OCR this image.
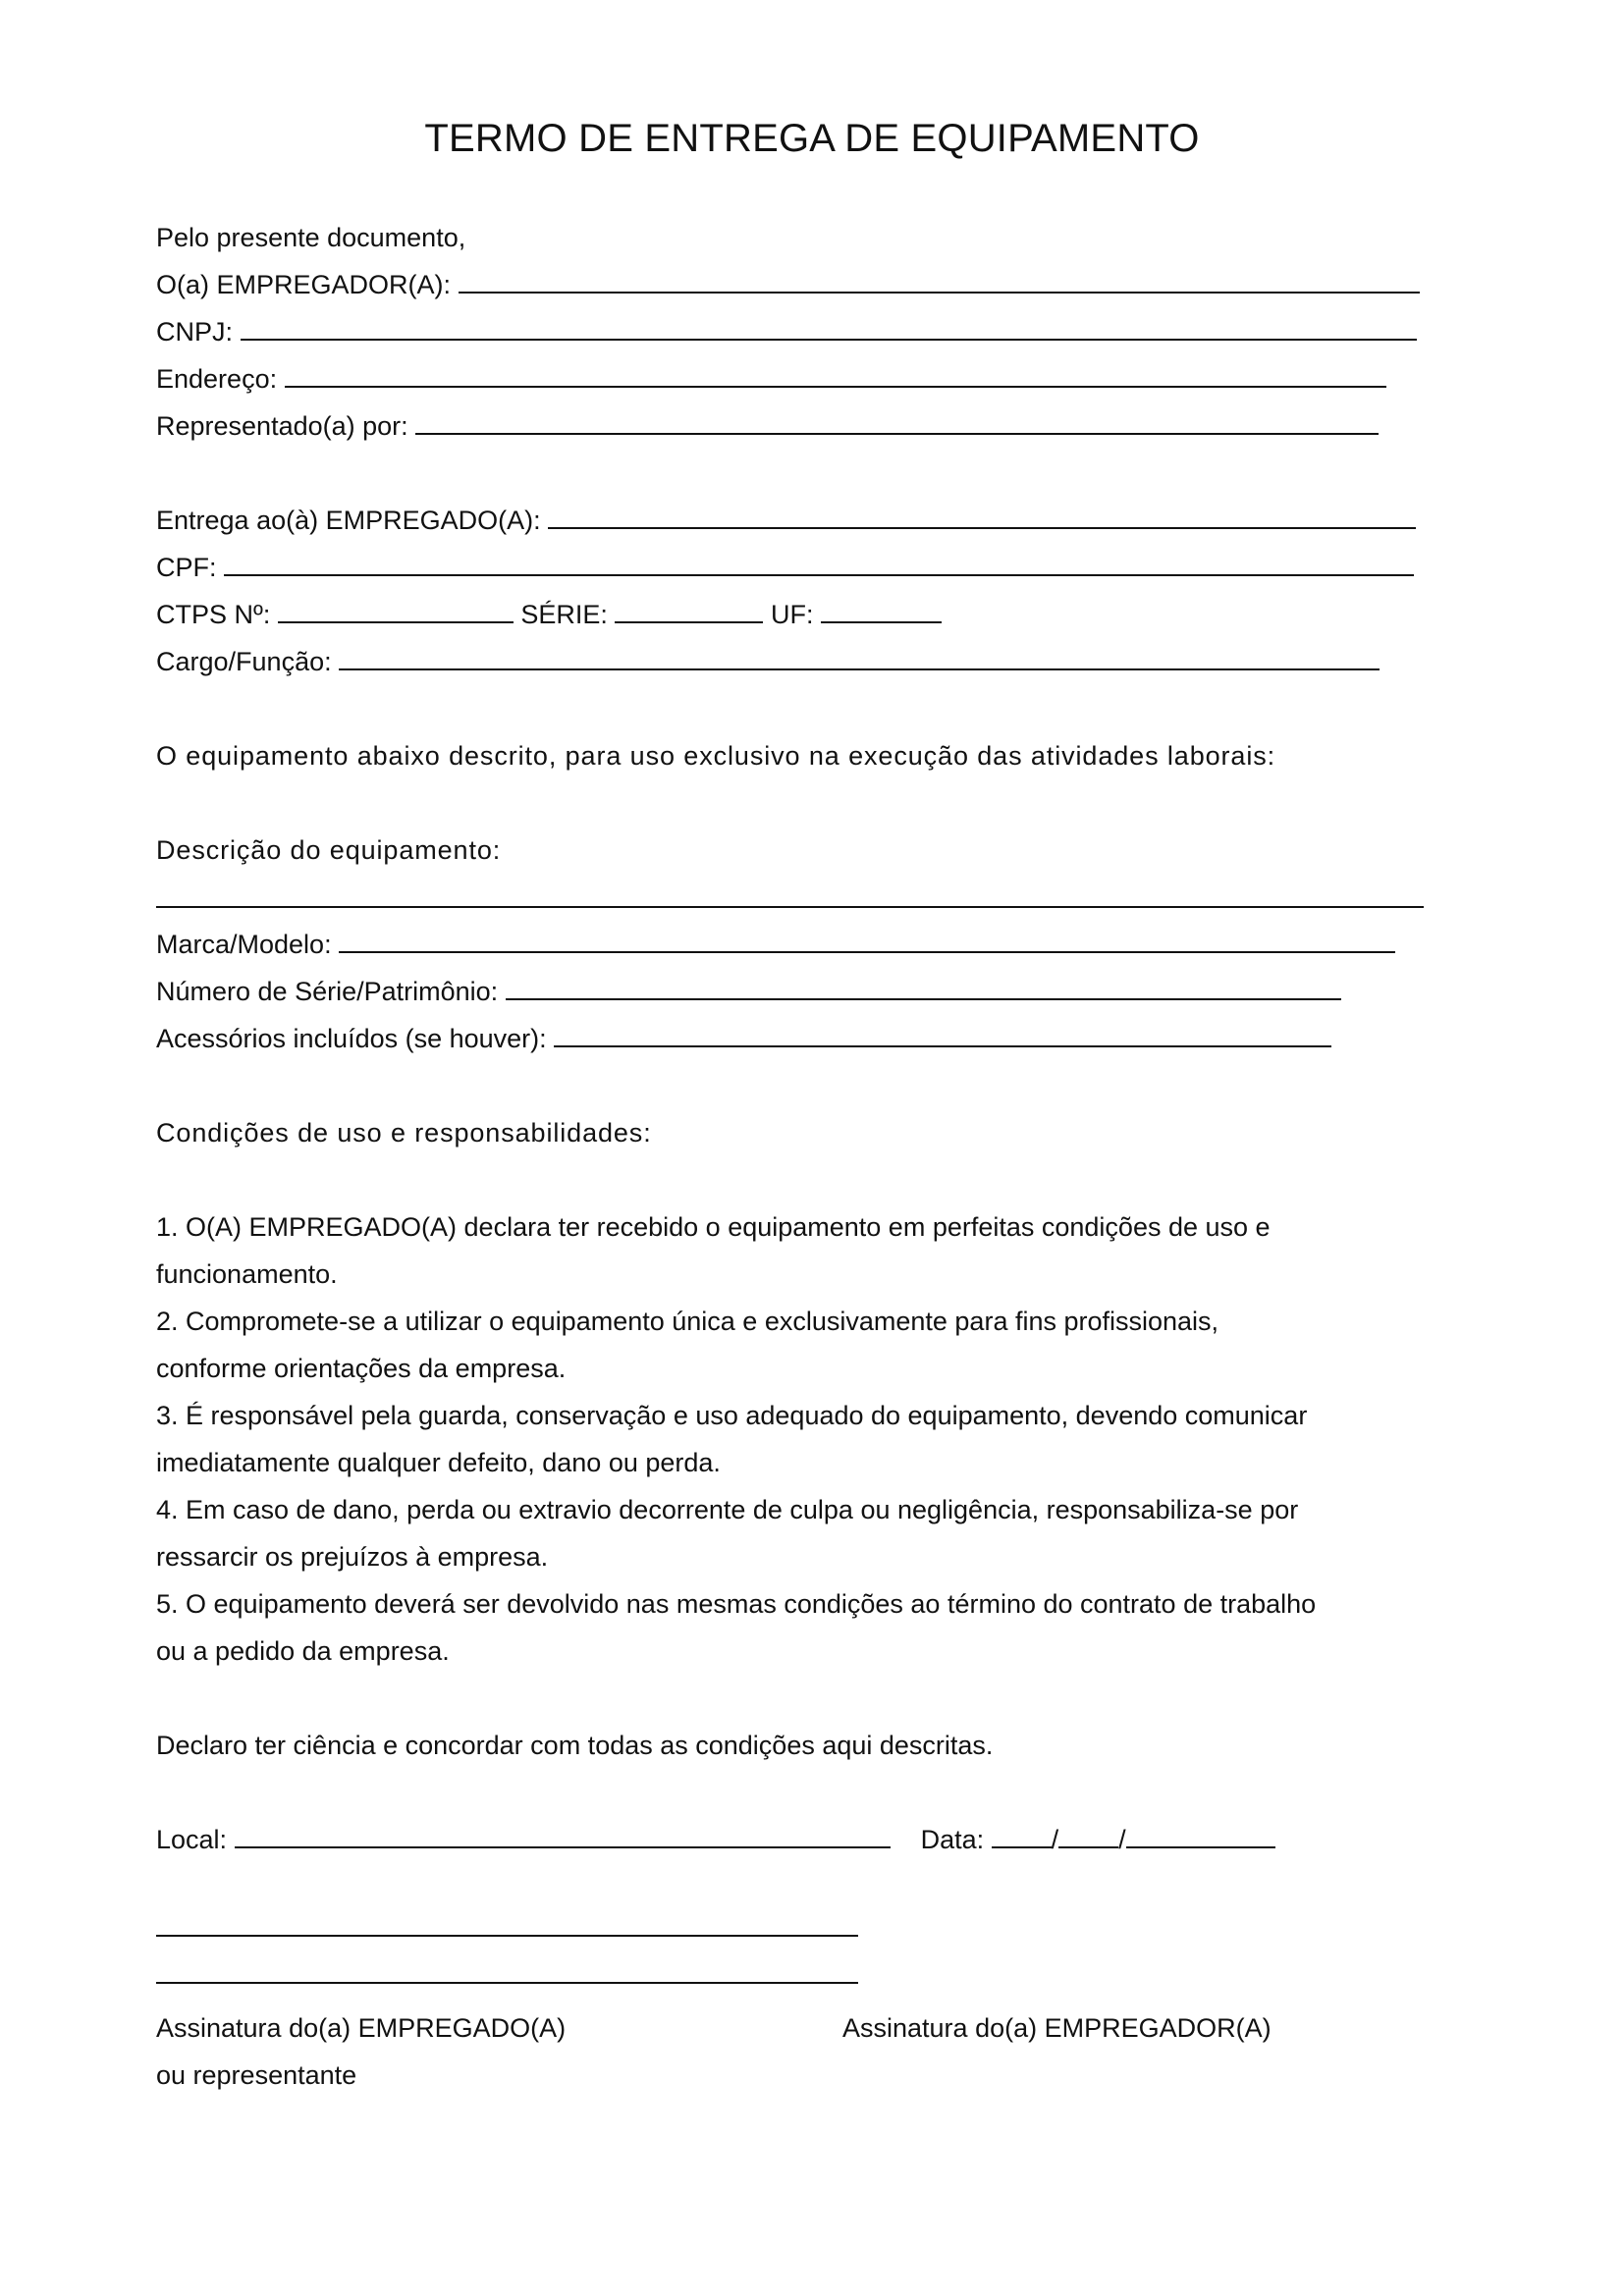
TERMO DE ENTREGA DE EQUIPAMENTO
Pelo presente documento,
O(a) EMPREGADOR(A):
CNPJ:
Endereço:
Representado(a) por:
Entrega ao(à) EMPREGADO(A):
CPF:
CTPS Nº:	SÉRIE:	UF:
Cargo/Função:
O equipamento abaixo descrito, para uso exclusivo na execução das atividades laborais:
Descrição do equipamento:
Marca/Modelo:
Número de Série/Patrimônio:
Acessórios incluídos (se houver):
Condições de uso e responsabilidades:
1. O(A) EMPREGADO(A) declara ter recebido o equipamento em perfeitas condições de uso e
funcionamento.
2. Compromete-se a utilizar o equipamento única e exclusivamente para fins profissionais,
conforme orientações da empresa.
3. É responsável pela guarda, conservação e uso adequado do equipamento, devendo comunicar
imediatamente qualquer defeito, dano ou perda.
4. Em caso de dano, perda ou extravio decorrente de culpa ou negligência, responsabiliza-se por
ressarcir os prejuízos à empresa.
5. O equipamento deverá ser devolvido nas mesmas condições ao término do contrato de trabalho
ou a pedido da empresa.
Declaro ter ciência e concordar com todas as condições aqui descritas.
Local:	Data:	/ /
Assinatura do(a) EMPREGADO(A)	Assinatura do(a) EMPREGADOR(A)
ou representante
